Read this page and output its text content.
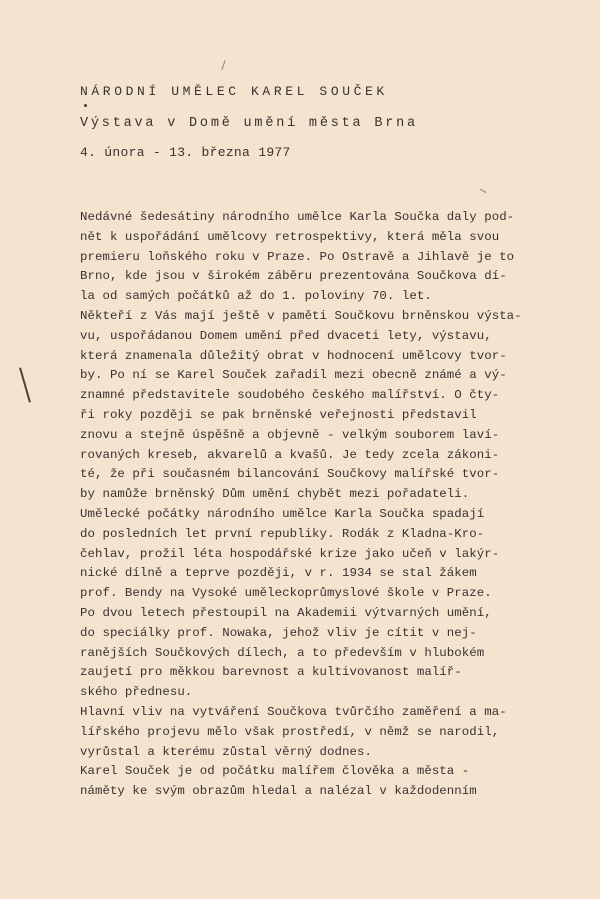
NÁRODNÍ UMĚLEC KAREL SOUČEK
Výstava v Domě umění města Brna
4. února - 13. března 1977
Nedávné šedesátiny národního umělce Karla Součka daly pod-
nět k uspořádání umělcovy retrospektivy, která měla svou
premieru loňského roku v Praze. Po Ostravě a Jihlavě je to
Brno, kde jsou v širokém záběru prezentována Součkova dí-
la od samých počátků až do 1. poloviny 70. let.
Někteří z Vás mají ještě v paměti Součkovu brněnskou výsta-
vu, uspořádanou Domem umění před dvaceti lety, výstavu,
která znamenala důležitý obrat v hodnocení umělcovy tvor-
by. Po ní se Karel Souček zařadil mezi obecně známé a vý-
znamné představitele soudobého českého malířství. O čty-
ři roky později se pak brněnské veřejnosti představil
znovu a stejně úspěšně a objevně - velkým souborem laví-
rovaných kreseb, akvarelů a kvašů. Je tedy zcela zákoni-
té, že při současném bilancování Součkovy malířské tvor-
by namůže brněnský Dům umění chybět mezi pořadateli.
Umělecké počátky národního umělce Karla Součka spadají
do posledních let první republiky. Rodák z Kladna-Kro-
čehlav, prožil léta hospodářské krize jako učeň v lakýr-
nické dílně a teprve později, v r. 1934 se stal žákem
prof. Bendy na Vysoké uměleckoprůmyslové škole v Praze.
Po dvou letech přestoupil na Akademii výtvarných umění,
do speciálky prof. Nowaka, jehož vliv je cítit v nej-
ranějších Součkových dílech, a to především v hlubokém
zaujetí pro měkkou barevnost a kultivovanost malíř-
ského přednesu.
Hlavní vliv na vytváření Součkova tvůrčího zaměření a ma-
lířského projevu mělo však prostředí, v němž se narodil,
vyrůstal a kterému zůstal věrný dodnes.
Karel Souček je od počátku malířem člověka a města -
náměty ke svým obrazům hledal a nalézal v každodenním
